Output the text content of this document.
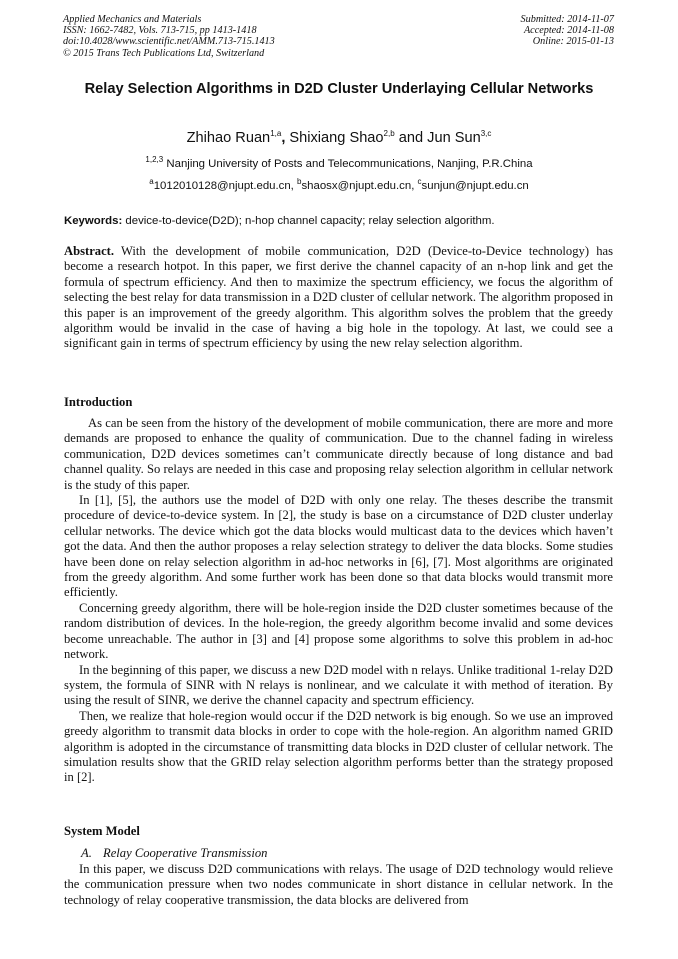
Applied Mechanics and Materials
ISSN: 1662-7482, Vols. 713-715, pp 1413-1418
doi:10.4028/www.scientific.net/AMM.713-715.1413
© 2015 Trans Tech Publications Ltd, Switzerland
Submitted: 2014-11-07
Accepted: 2014-11-08
Online: 2015-01-13
Relay Selection Algorithms in D2D Cluster Underlaying Cellular Networks
Zhihao Ruan$^{1,a}$, Shixiang Shao$^{2,b}$ and Jun Sun$^{3,c}$
$^{1,2,3}$ Nanjing University of Posts and Telecommunications, Nanjing, P.R.China
$^a$1012010128@njupt.edu.cn, $^b$shaosx@njupt.edu.cn, $^c$sunjun@njupt.edu.cn
Keywords: device-to-device(D2D); n-hop channel capacity; relay selection algorithm.
Abstract. With the development of mobile communication, D2D (Device-to-Device technology) has become a research hotpot. In this paper, we first derive the channel capacity of an n-hop link and get the formula of spectrum efficiency. And then to maximize the spectrum efficiency, we focus the algorithm of selecting the best relay for data transmission in a D2D cluster of cellular network. The algorithm proposed in this paper is an improvement of the greedy algorithm. This algorithm solves the problem that the greedy algorithm would be invalid in the case of having a big hole in the topology. At last, we could see a significant gain in terms of spectrum efficiency by using the new relay selection algorithm.
Introduction

As can be seen from the history of the development of mobile communication, there are more and more demands are proposed to enhance the quality of communication. Due to the channel fading in wireless communication, D2D devices sometimes can’t communicate directly because of long distance and bad channel quality. So relays are needed in this case and proposing relay selection algorithm in cellular network is the study of this paper.

In [1], [5], the authors use the model of D2D with only one relay. The theses describe the transmit procedure of device-to-device system. In [2], the study is base on a circumstance of D2D cluster underlay cellular networks. The device which got the data blocks would multicast data to the devices which haven’t got the data. And then the author proposes a relay selection strategy to deliver the data blocks. Some studies have been done on relay selection algorithm in ad-hoc networks in [6], [7]. Most algorithms are originated from the greedy algorithm. And some further work has been done so that data blocks would transmit more efficiently.

Concerning greedy algorithm, there will be hole-region inside the D2D cluster sometimes because of the random distribution of devices. In the hole-region, the greedy algorithm become invalid and some devices become unreachable. The author in [3] and [4] propose some algorithms to solve this problem in ad-hoc network.

In the beginning of this paper, we discuss a new D2D model with n relays. Unlike traditional 1-relay D2D system, the formula of SINR with N relays is nonlinear, and we calculate it with method of iteration. By using the result of SINR, we derive the channel capacity and spectrum efficiency.

Then, we realize that hole-region would occur if the D2D network is big enough. So we use an improved greedy algorithm to transmit data blocks in order to cope with the hole-region. An algorithm named GRID algorithm is adopted in the circumstance of transmitting data blocks in D2D cluster of cellular network. The simulation results show that the GRID relay selection algorithm performs better than the strategy proposed in [2].

System Model
A. Relay Cooperative Transmission

In this paper, we discuss D2D communications with relays. The usage of D2D technology would relieve the communication pressure when two nodes communicate in short distance in cellular network. In the technology of relay cooperative transmission, the data blocks are delivered from
